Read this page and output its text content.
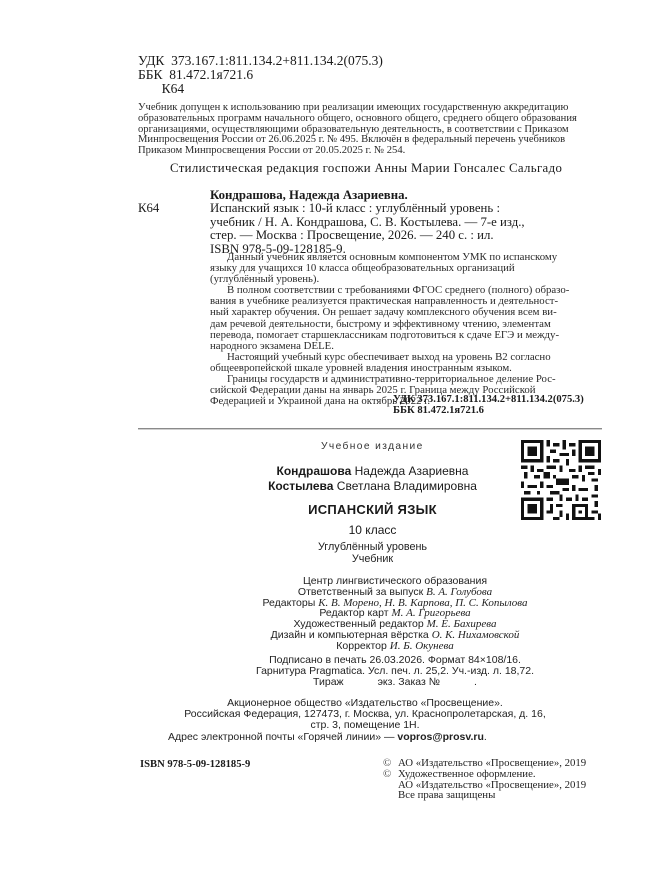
УДК  373.167.1:811.134.2+811.134.2(075.3)
ББК  81.472.1я721.6
К64
Учебник допущен к использованию при реализации имеющих государственную аккредитацию
образовательных программ начального общего, основного общего, среднего общего образования
организациями, осуществляющими образовательную деятельность, в соответствии с Приказом
Минпросвещения России от 26.06.2025 г. № 495. Включён в федеральный перечень учебников
Приказом Минпросвещения России от 20.05.2025 г. № 254.
Стилистическая редакция госпожи Анны Марии Гонсалес Сальгадо
Кондрашова, Надежда Азариевна.
К64	Испанский язык : 10-й класс : углублённый уровень :
учебник / Н. А. Кондрашова, С. В. Костылева. — 7-е изд.,
стер. — Москва : Просвещение, 2026. — 240 с. : ил.
ISBN 978-5-09-128185-9.
Данный учебник является основным компонентом УМК по испанскому
языку для учащихся 10 класса общеобразовательных организаций
(углублённый уровень).
В полном соответствии с требованиями ФГОС среднего (полного) образо-
вания в учебнике реализуется практическая направленность и деятельност-
ный характер обучения. Он решает задачу комплексного обучения всем ви-
дам речевой деятельности, быстрому и эффективному чтению, элементам
перевода, помогает старшеклассникам подготовиться к сдаче ЕГЭ и между-
народного экзамена DELE.
Настоящий учебный курс обеспечивает выход на уровень В2 согласно
общеевропейской шкале уровней владения иностранным языком.
Границы государств и административно-территориальное деление Рос-
сийской Федерации даны на январь 2025 г. Граница между Российской
Федерацией и Украиной дана на октябрь 2022 г.
УДК 373.167.1:811.134.2+811.134.2(075.3)
ББК 81.472.1я721.6
Учебное издание
Кондрашова Надежда Азариевна
Костылева Светлана Владимировна
ИСПАНСКИЙ ЯЗЫК
10 класс
Углублённый уровень
Учебник
Центр лингвистического образования
Ответственный за выпуск В. А. Голубова
Редакторы К. В. Морено, Н. В. Карпова, П. С. Копылова
Редактор карт М. А. Григорьева
Художественный редактор М. Е. Бахирева
Дизайн и компьютерная вёрстка О. К. Нихамовской
Корректор И. Б. Окунева
Подписано в печать 26.03.2026. Формат 84×108/16.
Гарнитура Pragmatica. Усл. печ. л. 25,2. Уч.-изд. л. 18,72.
Тираж	экз. Заказ №	.
Акционерное общество «Издательство «Просвещение».
Российская Федерация, 127473, г. Москва, ул. Краснопролетарская, д. 16,
стр. 3, помещение 1Н.
Адрес электронной почты «Горячей линии» — vopros@prosv.ru.
ISBN 978-5-09-128185-9	© АО «Издательство «Просвещение», 2019
© Художественное оформление.
АО «Издательство «Просвещение», 2019
Все права защищены
